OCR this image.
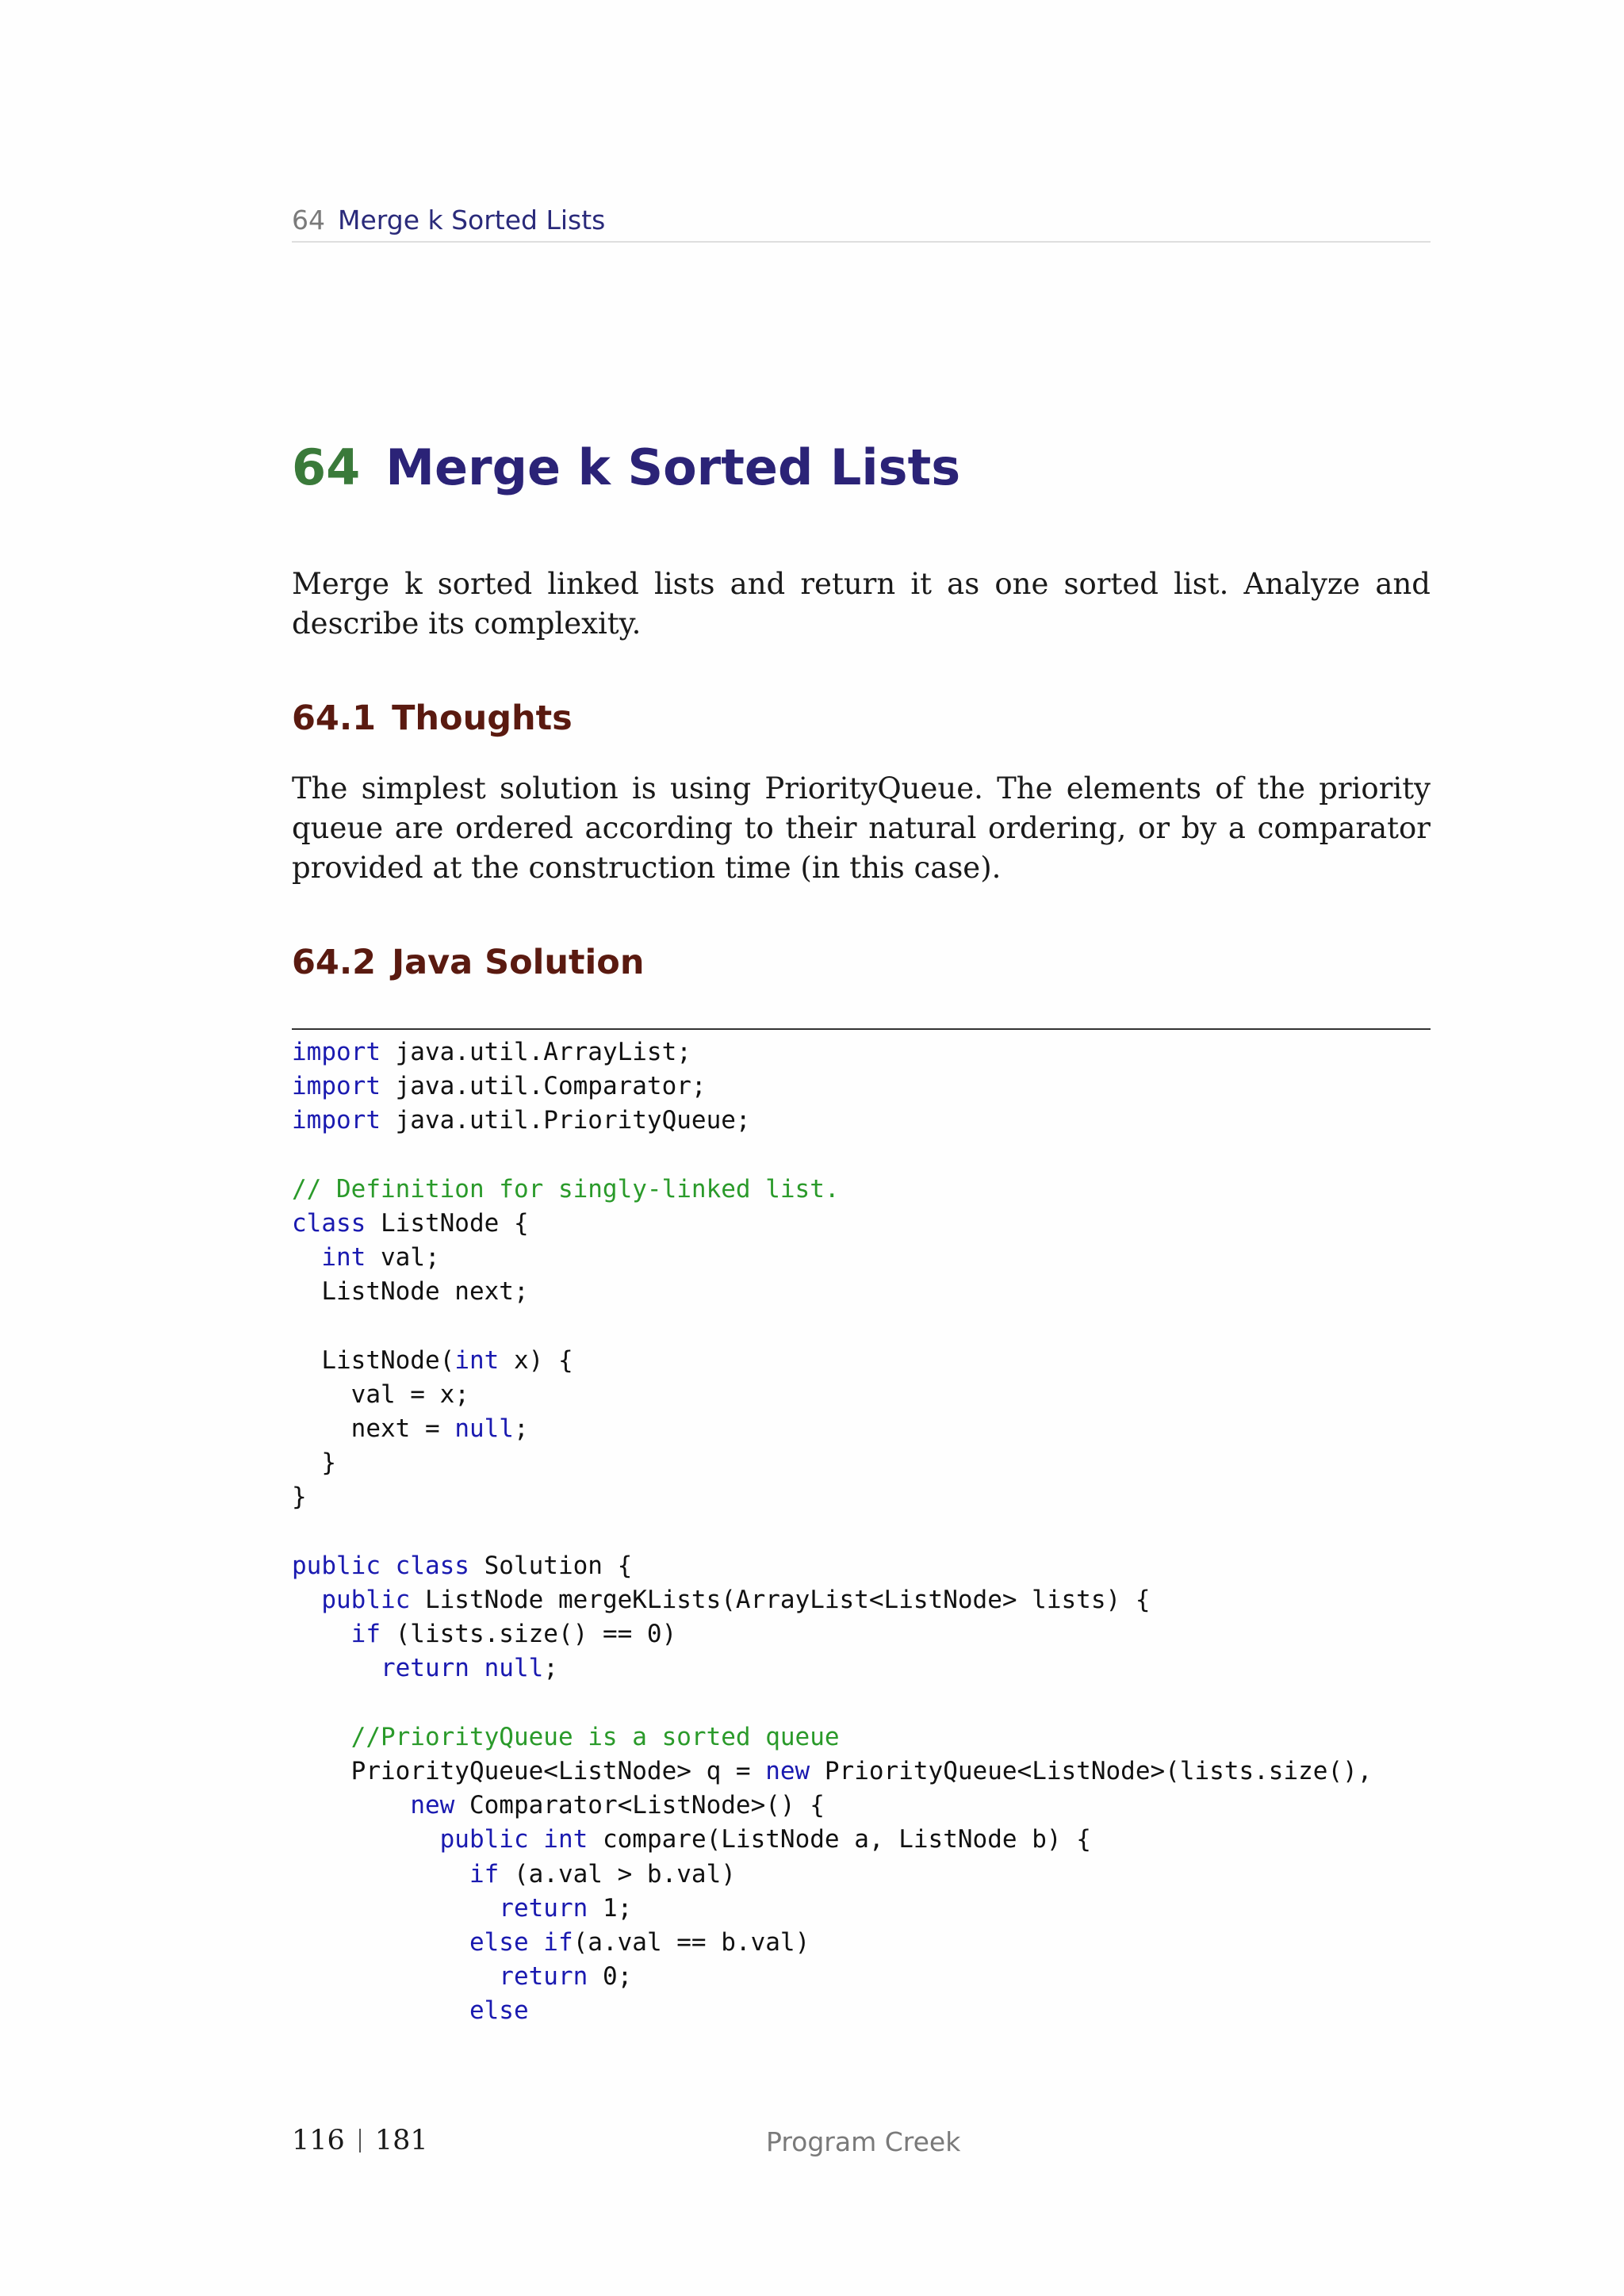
64 Merge k Sorted Lists
64 Merge k Sorted Lists

Merge k sorted linked lists and return it as one sorted list. Analyze and describe its complexity.

64.1 Thoughts

The simplest solution is using PriorityQueue. The elements of the priority queue are ordered according to their natural ordering, or by a comparator provided at the construction time (in this case).

64.2 Java Solution
import java.util.ArrayList;
import java.util.Comparator;
import java.util.PriorityQueue;

// Definition for singly-linked list.
class ListNode {
int val;
ListNode next;

ListNode(int x) {
val = x;
next = null;
}
}

public class Solution {
public ListNode mergeKLists(ArrayList<ListNode> lists) {
if (lists.size() == 0)
return null;

//PriorityQueue is a sorted queue
PriorityQueue<ListNode> q = new PriorityQueue<ListNode>(lists.size(),
new Comparator<ListNode>() {
public int compare(ListNode a, ListNode b) {
if (a.val > b.val)
return 1;
else if(a.val == b.val)
return 0;
else
116 181	Program Creek
